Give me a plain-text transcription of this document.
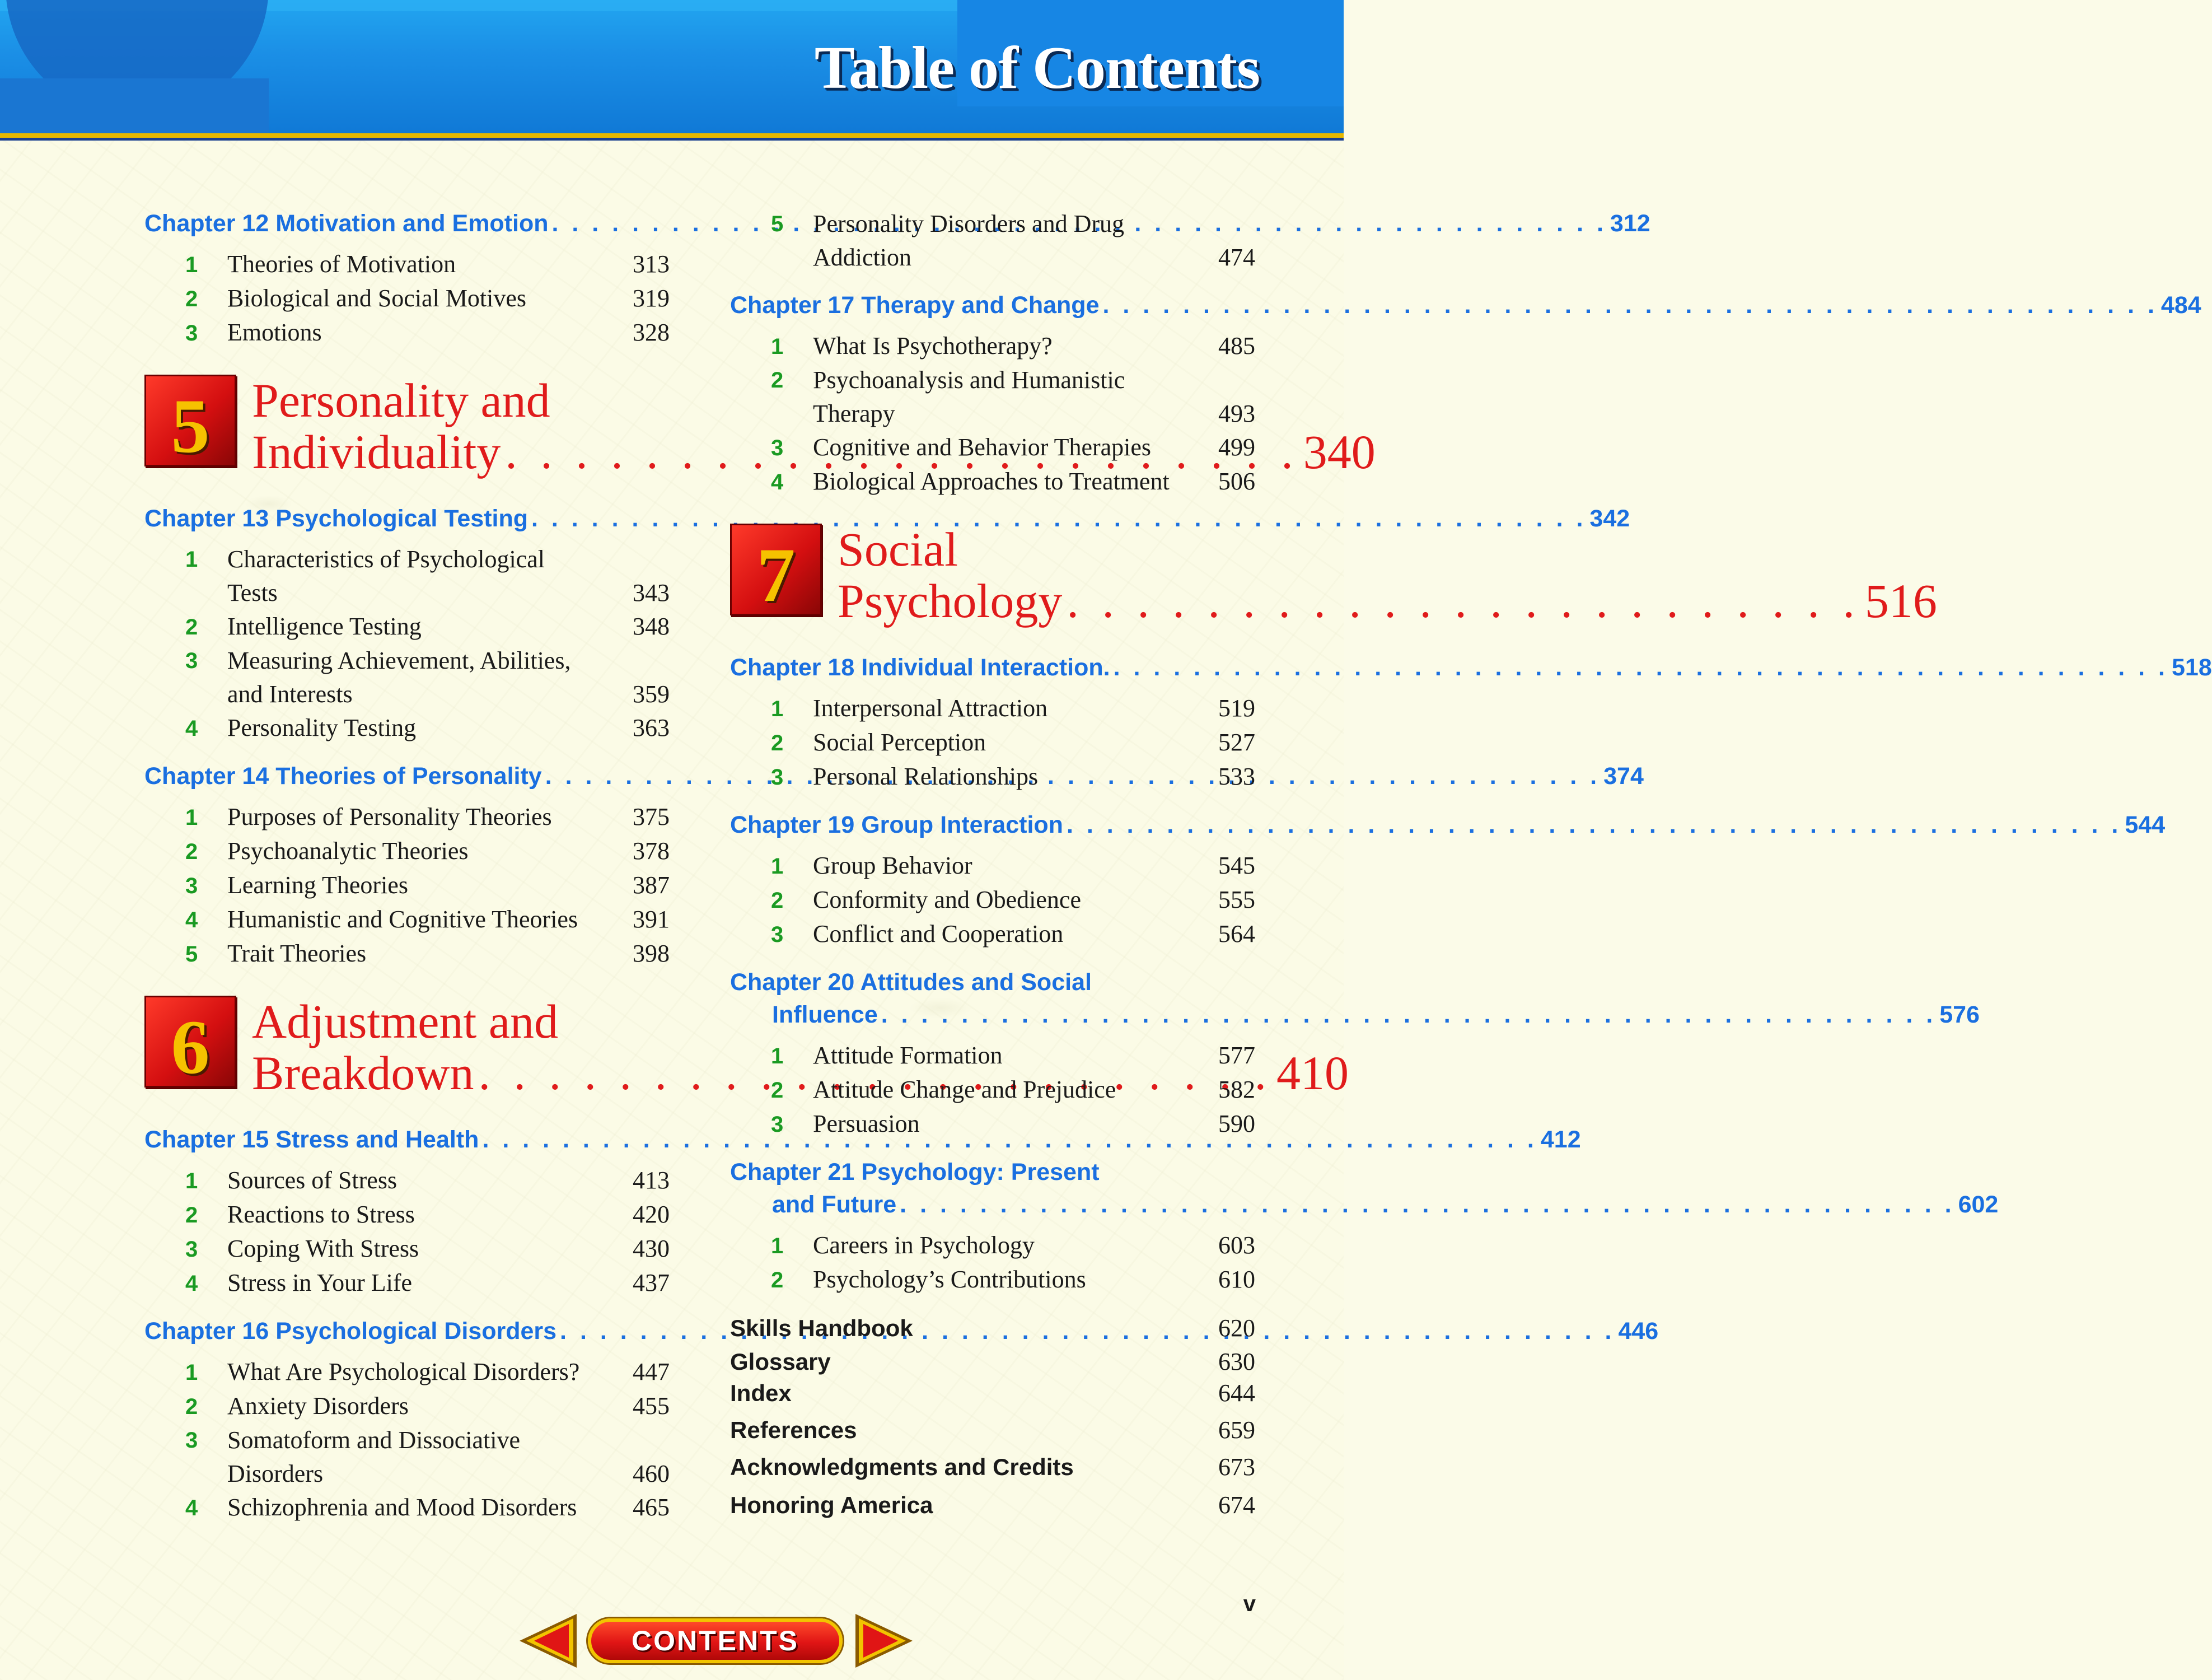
Table of Contents
Chapter 12 Motivation and Emotion . . .	312
1	Theories of Motivation	313
2	Biological and Social Motives	319
3	Emotions	328
5 Personality and
Individuality . . .	340
Chapter 13 Psychological Testing . . .	342
1	Characteristics of Psychological
Tests	343
2	Intelligence Testing	348
3	Measuring Achievement, Abilities,
and Interests	359
4	Personality Testing	363
Chapter 14 Theories of Personality . . .	374
1	Purposes of Personality Theories	375
2	Psychoanalytic Theories	378
3	Learning Theories	387
4	Humanistic and Cognitive Theories	391
5	Trait Theories	398
6 Adjustment and
Breakdown . . .	410
Chapter 15 Stress and Health . . .	412
1	Sources of Stress	413
2	Reactions to Stress	420
3	Coping With Stress	430
4	Stress in Your Life	437
Chapter 16 Psychological Disorders . . .	446
1	What Are Psychological Disorders?	447
2	Anxiety Disorders	455
3	Somatoform and Dissociative
Disorders	460
4	Schizophrenia and Mood Disorders	465
5	Personality Disorders and Drug
Addiction	474
Chapter 17 Therapy and Change . . .	484
1	What Is Psychotherapy?	485
2	Psychoanalysis and Humanistic
Therapy	493
3	Cognitive and Behavior Therapies	499
4	Biological Approaches to Treatment	506
7 Social
Psychology . . .	516
Chapter 18 Individual Interaction. . . .	518
1	Interpersonal Attraction	519
2	Social Perception	527
3	Personal Relationships	533
Chapter 19 Group Interaction . . .	544
1	Group Behavior	545
2	Conformity and Obedience	555
3	Conflict and Cooperation	564
Chapter 20 Attitudes and Social
Influence . . .	576
1	Attitude Formation	577
2	Attitude Change and Prejudice	582
3	Persuasion	590
Chapter 21 Psychology: Present
and Future . . .	602
1	Careers in Psychology	603
2	Psychology’s Contributions	610
Skills Handbook	620
Glossary	630
Index	644
References	659
Acknowledgments and Credits	673
Honoring America	674
v
CONTENTS
